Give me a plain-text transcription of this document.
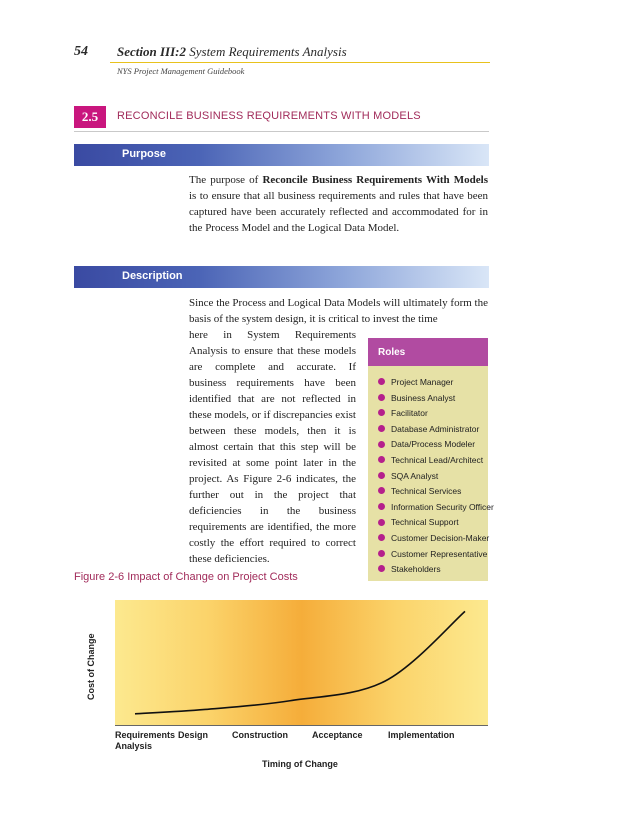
54 Section III:2 System Requirements Analysis
NYS Project Management Guidebook
2.5	RECONCILE BUSINESS REQUIREMENTS WITH MODELS
Purpose
The purpose of Reconcile Business Requirements With Models is to ensure that all business requirements and rules that have been captured have been accurately reflected and accommodated for in the Process Model and the Logical Data Model.
Description
Since the Process and Logical Data Models will ultimately form the basis of the system design, it is critical to invest the time
here in System Requirements Analysis to ensure that these models are complete and accurate. If business requirements have been identified that are not reflected in these models, or if discrepancies exist between these models, then it is almost certain that this step will be revisited at some point later in the project. As Figure 2-6 indicates, the further out in the project that deficiencies in the business requirements are identified, the more costly the effort required to correct these deficiencies.
Roles
Project Manager
Business Analyst
Facilitator
Database Administrator
Data/Process Modeler
Technical Lead/Architect
SQA Analyst
Technical Services
Information Security Officer
Technical Support
Customer Decision-Maker
Customer Representative
Stakeholders
Figure 2-6 Impact of Change on Project Costs
Cost of Change
Requirements Analysis
Design	Construction	Acceptance	Implementation
Timing of Change
